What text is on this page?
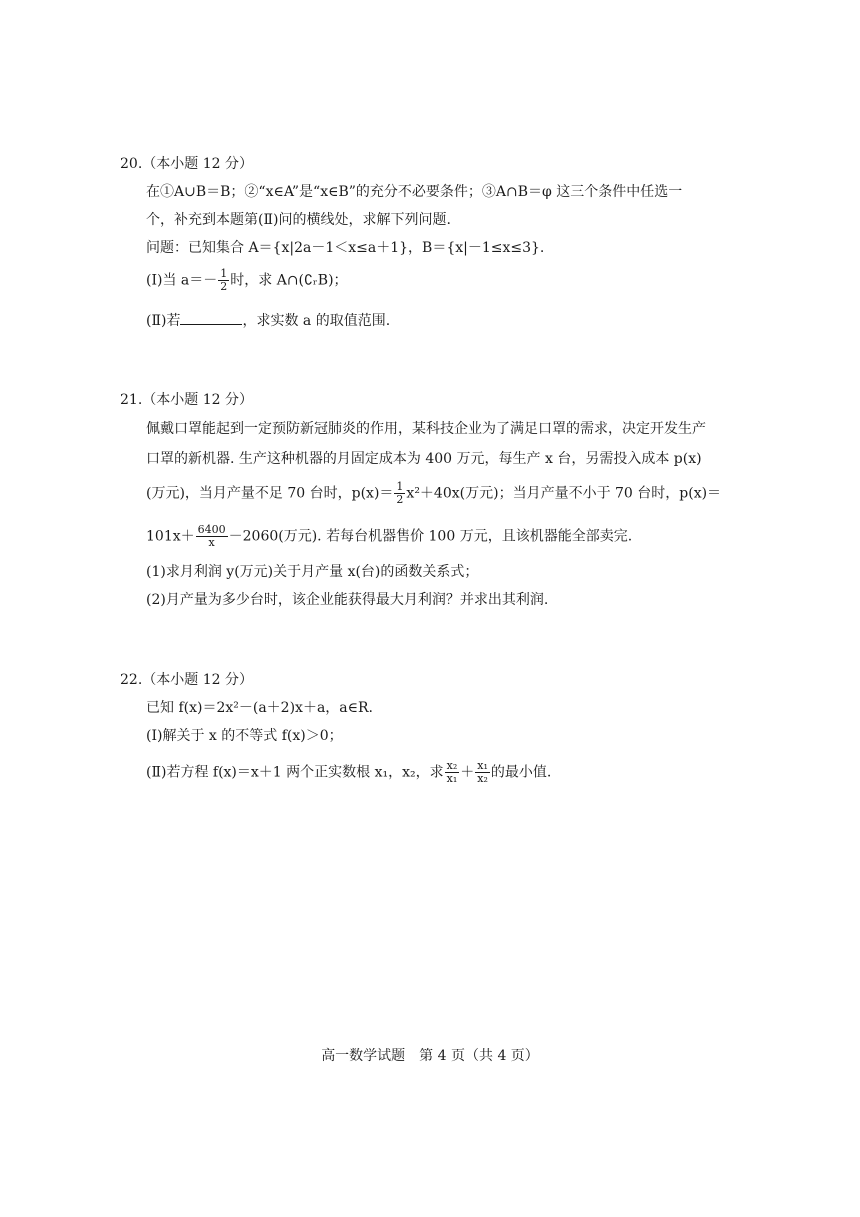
20.（本小题 12 分）
在①A∪B＝B；②“x∈A”是“x∈B”的充分不必要条件；③A∩B＝φ 这三个条件中任选一
个，补充到本题第(Ⅱ)问的横线处，求解下列问题.
问题：已知集合 A＝{x|2a－1＜x≤a＋1}，B＝{x|－1≤x≤3}.
(Ⅰ)当 $a=- \frac{1}{2}$ 时，求 A∩(∁ᵣB)；
(Ⅱ)若	，求实数 a 的取值范围.
21.（本小题 12 分）
佩戴口罩能起到一定预防新冠肺炎的作用，某科技企业为了满足口罩的需求，决定开发生产
口罩的新机器. 生产这种机器的月固定成本为 400 万元，每生产 x 台，另需投入成本 p(x)
(万元)，当月产量不足 70 台时，$p(x)= \frac{1}{2} x^2+40x$(万元)；当月产量不小于 70 台时，p(x)＝
$101x+ \frac{6400}{x} -2060$(万元). 若每台机器售价 100 万元，且该机器能全部卖完.
(1)求月利润 y(万元)关于月产量 x(台)的函数关系式；
(2)月产量为多少台时，该企业能获得最大月利润？并求出其利润.
22.（本小题 12 分）
已知 f(x)＝2x²－(a＋2)x＋a，a∈R.
(Ⅰ)解关于 x 的不等式 f(x)＞0；
(Ⅱ)若方程 f(x)＝x＋1 两个正实数根 x₁，x₂，求 $\frac{\text{x₂}}{\text{x₁}} + \frac{\text{x₁}}{\text{x₂}}$ 的最小值.
高一数学试题　第 4 页（共 4 页）
